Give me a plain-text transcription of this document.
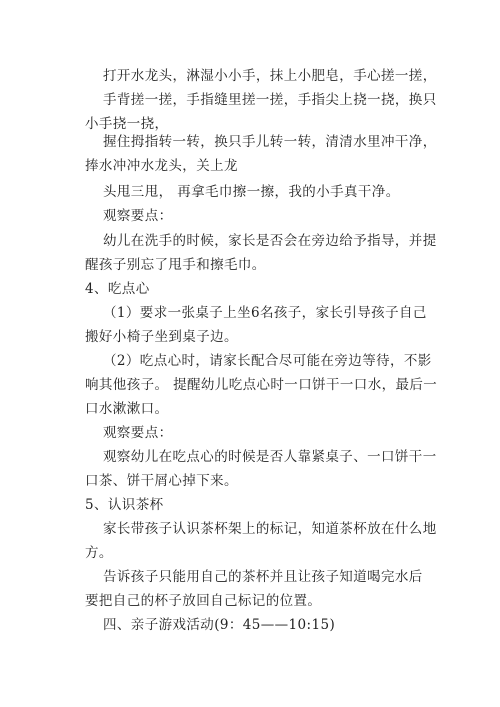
打开水龙头，淋湿小小手，抹上小肥皂，手心搓一搓，
手背搓一搓，手指缝里搓一搓，手指尖上挠一挠，换只
小手挠一挠，
握住拇指转一转，换只手儿转一转，清清水里冲干净，
捧水冲冲水龙头，关上龙
头甩三甩， 再拿毛巾擦一擦，我的小手真干净。
观察要点：
幼儿在洗手的时候，家长是否会在旁边给予指导，并提
醒孩子别忘了甩手和擦毛巾。
4、吃点心
（1）要求一张桌子上坐6名孩子，家长引导孩子自己
搬好小椅子坐到桌子边。
（2）吃点心时，请家长配合尽可能在旁边等待，不影
响其他孩子。 提醒幼儿吃点心时一口饼干一口水，最后一
口水漱漱口。
观察要点：
观察幼儿在吃点心的时候是否人靠紧桌子、一口饼干一
口茶、饼干屑心掉下来。
5、认识茶杯
家长带孩子认识茶杯架上的标记，知道茶杯放在什么地
方。
告诉孩子只能用自己的茶杯并且让孩子知道喝完水后
要把自己的杯子放回自己标记的位置。
四、亲子游戏活动(9：45——10:15)
